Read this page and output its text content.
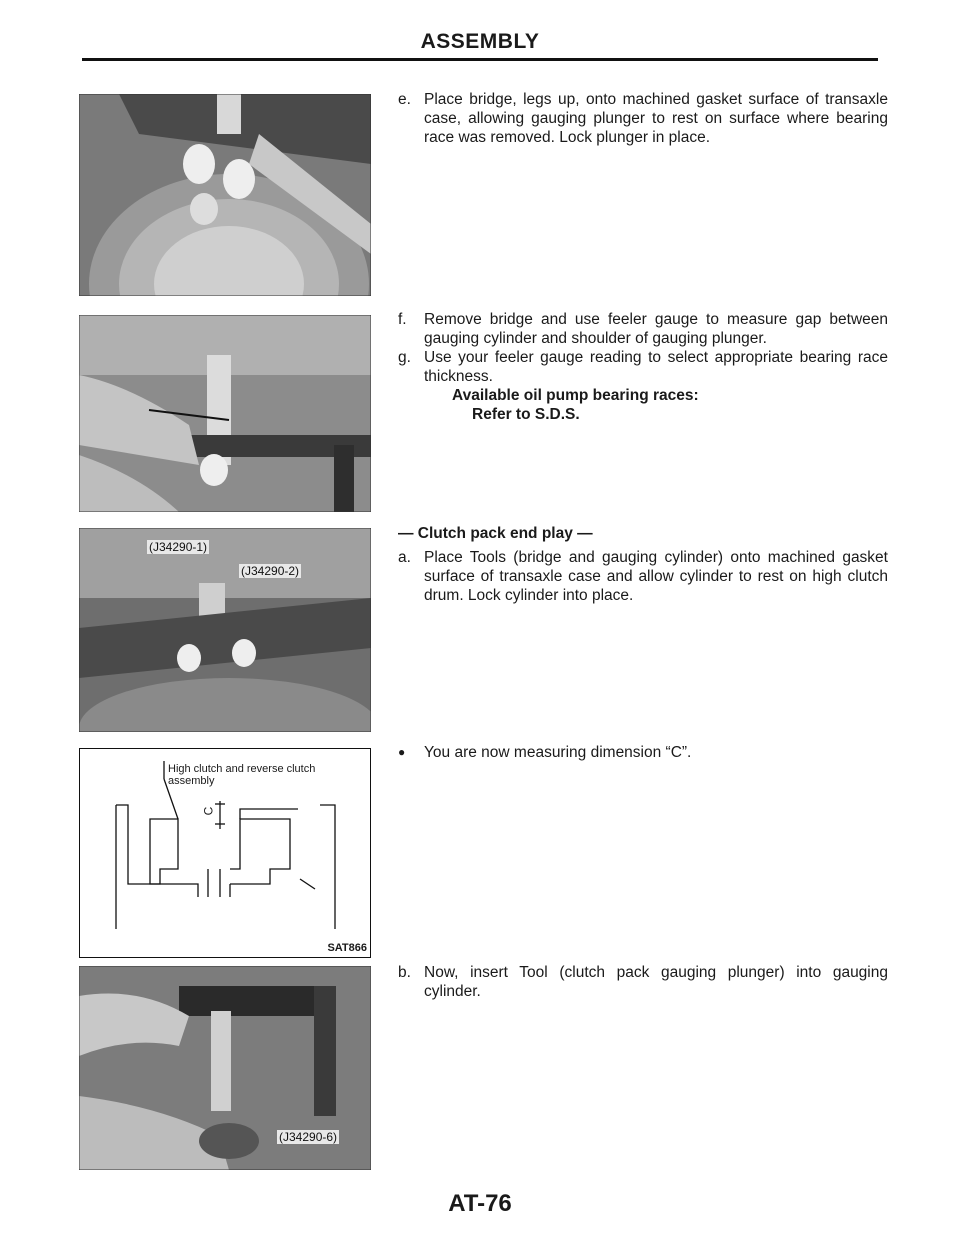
ASSEMBLY
(J34290-1)
(J34290-2)
High clutch and reverse clutch assembly
C
SAT866
(J34290-6)
e. Place bridge, legs up, onto machined gasket surface of transaxle case, allowing gauging plunger to rest on surface where bearing race was removed. Lock plunger in place.
f.	Remove bridge and use feeler gauge to measure gap between gauging cylinder and shoulder of gauging plunger.
g. Use your feeler gauge reading to select appropriate bearing race thickness.
Available oil pump bearing races:
Refer to S.D.S.
— Clutch pack end play —
a. Place Tools (bridge and gauging cylinder) onto machined gasket surface of transaxle case and allow cylinder to rest on high clutch drum. Lock cylinder into place.
●	You are now measuring dimension “C”.
b. Now, insert Tool (clutch pack gauging plunger) into gauging cylinder.
AT-76
